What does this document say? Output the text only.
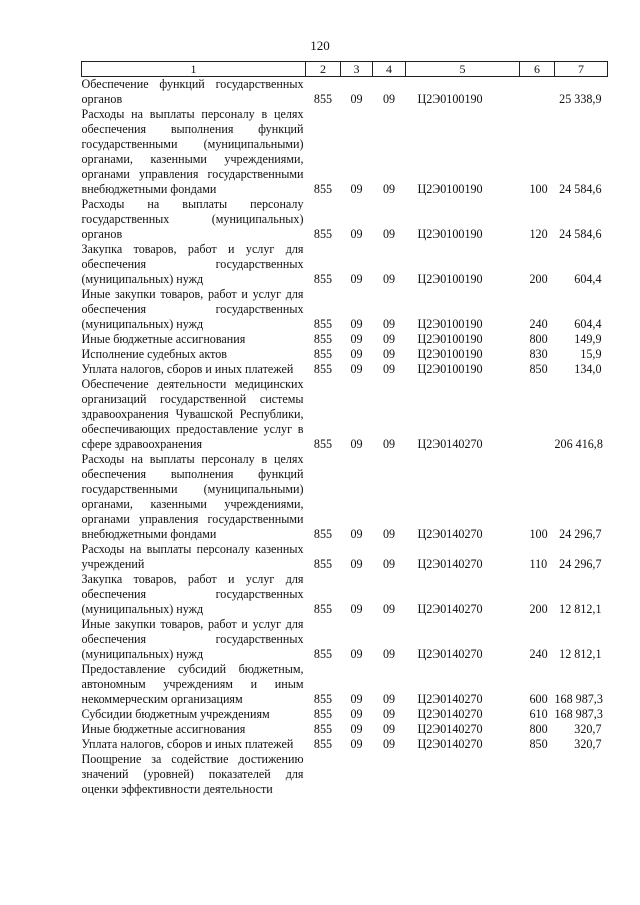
120
1	2	3	4	5	6	7
Обеспечение функций государственных органов	855	09	09	Ц2Э0100190		25 338,9
Расходы на выплаты персоналу в целях обеспечения выполнения функций государственными (муниципальными) органами, казенными учреждениями, органами управления государственными внебюджетными фондами	855	09	09	Ц2Э0100190	100	24 584,6
Расходы на выплаты персоналу государственных (муниципальных) органов	855	09	09	Ц2Э0100190	120	24 584,6
Закупка товаров, работ и услуг для обеспечения государственных (муниципальных) нужд	855	09	09	Ц2Э0100190	200	604,4
Иные закупки товаров, работ и услуг для обеспечения государственных (муниципальных) нужд	855	09	09	Ц2Э0100190	240	604,4
Иные бюджетные ассигнования	855	09	09	Ц2Э0100190	800	149,9
Исполнение судебных актов	855	09	09	Ц2Э0100190	830	15,9
Уплата налогов, сборов и иных платежей	855	09	09	Ц2Э0100190	850	134,0
Обеспечение деятельности медицинских организаций государственной системы здравоохранения Чувашской Республики, обеспечивающих предоставление услуг в сфере здравоохранения	855	09	09	Ц2Э0140270		206 416,8
Расходы на выплаты персоналу в целях обеспечения выполнения функций государственными (муниципальными) органами, казенными учреждениями, органами управления государственными внебюджетными фондами	855	09	09	Ц2Э0140270	100	24 296,7
Расходы на выплаты персоналу казенных учреждений	855	09	09	Ц2Э0140270	110	24 296,7
Закупка товаров, работ и услуг для обеспечения государственных (муниципальных) нужд	855	09	09	Ц2Э0140270	200	12 812,1
Иные закупки товаров, работ и услуг для обеспечения государственных (муниципальных) нужд	855	09	09	Ц2Э0140270	240	12 812,1
Предоставление субсидий бюджетным, автономным учреждениям и иным некоммерческим организациям	855	09	09	Ц2Э0140270	600	168 987,3
Субсидии бюджетным учреждениям	855	09	09	Ц2Э0140270	610	168 987,3
Иные бюджетные ассигнования	855	09	09	Ц2Э0140270	800	320,7
Уплата налогов, сборов и иных платежей	855	09	09	Ц2Э0140270	850	320,7
Поощрение за содействие достижению значений (уровней) показателей для оценки эффективности деятельности						
